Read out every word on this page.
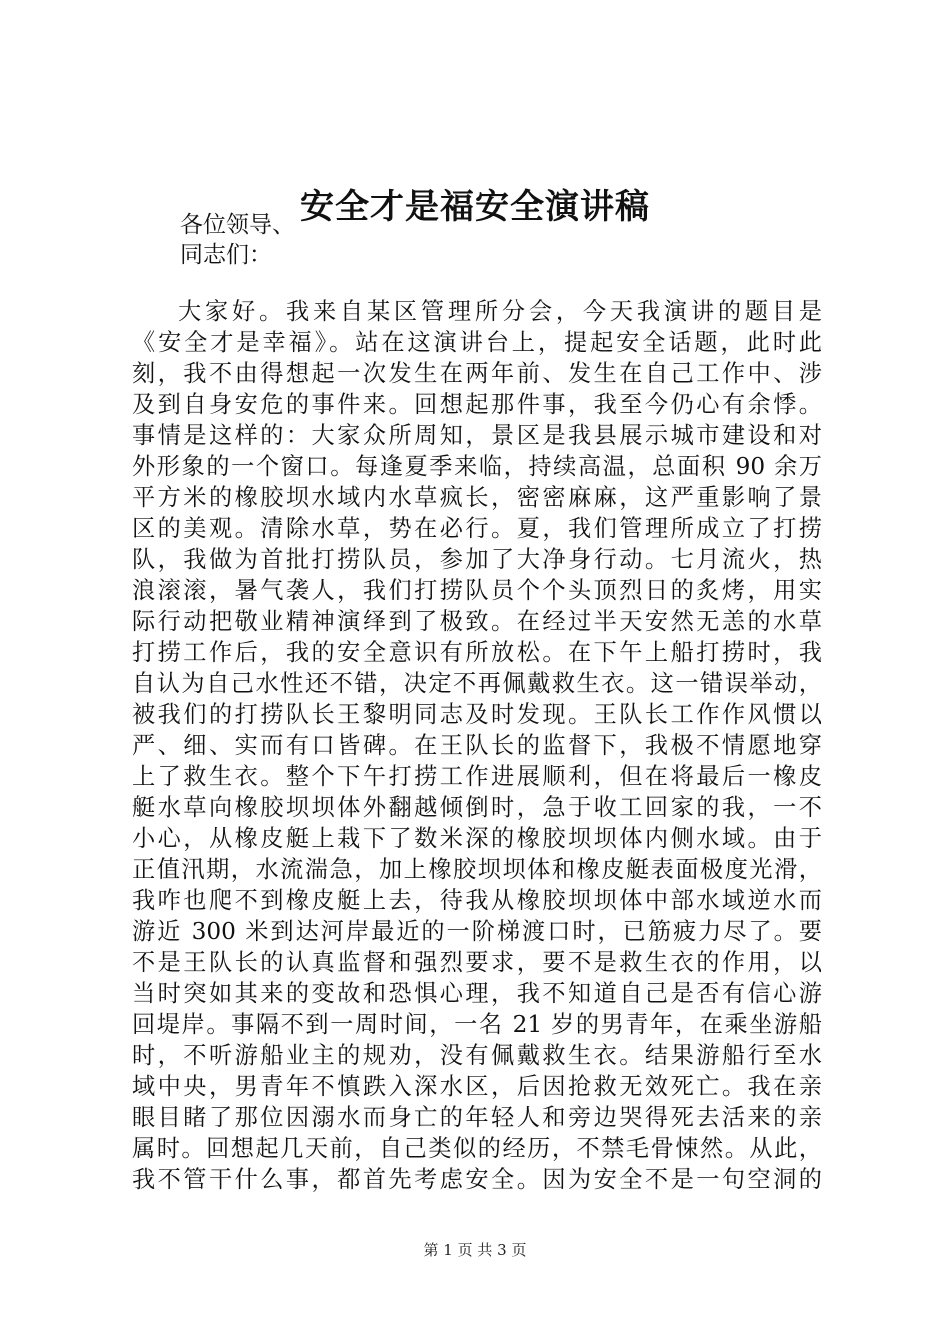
安全才是福安全演讲稿
各位领导、
同志们：
大家好。我来自某区管理所分会，今天我演讲的题目是
《安全才是幸福》。站在这演讲台上，提起安全话题，此时此
刻，我不由得想起一次发生在两年前、发生在自己工作中、涉
及到自身安危的事件来。回想起那件事，我至今仍心有余悸。
事情是这样的：大家众所周知，景区是我县展示城市建设和对
外形象的一个窗口。每逢夏季来临，持续高温，总面积 90 余万
平方米的橡胶坝水域内水草疯长，密密麻麻，这严重影响了景
区的美观。清除水草，势在必行。夏，我们管理所成立了打捞
队，我做为首批打捞队员，参加了大净身行动。七月流火，热
浪滚滚，暑气袭人，我们打捞队员个个头顶烈日的炙烤，用实
际行动把敬业精神演绎到了极致。在经过半天安然无恙的水草
打捞工作后，我的安全意识有所放松。在下午上船打捞时，我
自认为自己水性还不错，决定不再佩戴救生衣。这一错误举动，
被我们的打捞队长王黎明同志及时发现。王队长工作作风惯以
严、细、实而有口皆碑。在王队长的监督下，我极不情愿地穿
上了救生衣。整个下午打捞工作进展顺利，但在将最后一橡皮
艇水草向橡胶坝坝体外翻越倾倒时，急于收工回家的我，一不
小心，从橡皮艇上栽下了数米深的橡胶坝坝体内侧水域。由于
正值汛期，水流湍急，加上橡胶坝坝体和橡皮艇表面极度光滑，
我咋也爬不到橡皮艇上去，待我从橡胶坝坝体中部水域逆水而
游近 300 米到达河岸最近的一阶梯渡口时，已筋疲力尽了。要
不是王队长的认真监督和强烈要求，要不是救生衣的作用，以
当时突如其来的变故和恐惧心理，我不知道自己是否有信心游
回堤岸。事隔不到一周时间，一名 21 岁的男青年，在乘坐游船
时，不听游船业主的规劝，没有佩戴救生衣。结果游船行至水
域中央，男青年不慎跌入深水区，后因抢救无效死亡。我在亲
眼目睹了那位因溺水而身亡的年轻人和旁边哭得死去活来的亲
属时。回想起几天前，自己类似的经历，不禁毛骨悚然。从此，
我不管干什么事，都首先考虑安全。因为安全不是一句空洞的
第 1 页 共 3 页
